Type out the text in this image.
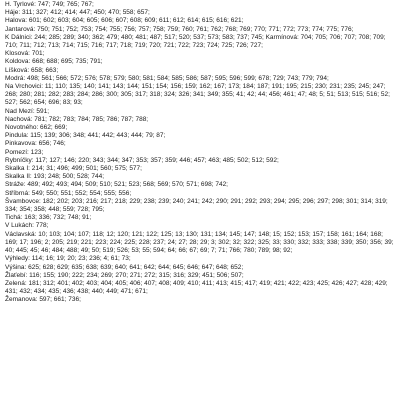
H. Tyrlové: 747; 749; 765; 767;

Háje: 311; 327; 412; 414; 447; 450; 470; 558; 657;

Halova: 601; 602; 603; 604; 605; 606; 607; 608; 609; 611; 612; 614; 615; 616; 621;

Jantarová: 750; 751; 752; 753; 754; 755; 756; 757; 758; 759; 760; 761; 762; 768; 769; 770; 771; 772; 773; 774; 775; 776;

K Dálnici: 244; 285; 289; 340; 362; 479; 480; 481; 487; 517; 520; 537; 573; 583; 737; 745; Karmínová: 704; 705; 706; 707; 708; 709; 710; 711; 712; 713; 714; 715; 716; 717; 718; 719; 720; 721; 722; 723; 724; 725; 726; 727;

Klosová: 701;

Koldova: 668; 688; 695; 735; 791;

Líšková: 658; 663;

Modrá: 498; 561; 566; 572; 576; 578; 579; 580; 581; 584; 585; 586; 587; 595; 596; 599; 678; 729; 743; 779; 794;

Na Vrchovici: 11; 110; 135; 140; 141; 143; 144; 151; 154; 156; 159; 162; 167; 173; 184; 187; 191; 195; 215; 230; 231; 235; 245; 247; 268; 280; 281; 282; 283; 284; 286; 300; 305; 317; 318; 324; 326; 341; 349; 355; 41; 42; 44; 456; 461; 47; 48; 5; 51; 513; 515; 516; 52; 527; 562; 654; 696; 83; 93;

Nad Mezí: 591;

Nachová: 781; 782; 783; 784; 785; 786; 787; 788;

Novotného: 662; 669;

Pindula: 115; 139; 306; 348; 441; 442; 443; 444; 79; 87;

Pinkavova: 656; 746;

Pomezí: 123;

Rybníčky: 117; 127; 146; 220; 343; 344; 347; 353; 357; 359; 446; 457; 463; 485; 502; 512; 592;

Skalka I: 214; 31; 496; 499; 501; 560; 575; 577;

Skalka II: 193; 248; 500; 528; 744;

Stráže: 489; 492; 493; 494; 509; 510; 521; 523; 568; 569; 570; 571; 698; 742;

Stříbrná: 549; 550; 551; 552; 554; 555; 556;

Švambovce: 182; 202; 203; 216; 217; 218; 229; 238; 239; 240; 241; 242; 290; 291; 292; 293; 294; 295; 296; 297; 298; 301; 314; 319; 334; 354; 358; 448; 559; 728; 795;

Tichá: 163; 336; 732; 748; 91;

V Lukách: 778;

Václavská: 10; 103; 104; 107; 118; 12; 120; 121; 122; 125; 13; 130; 131; 134; 145; 147; 148; 15; 152; 153; 157; 158; 161; 164; 168; 169; 17; 196; 2; 205; 219; 221; 223; 224; 225; 228; 237; 24; 27; 28; 29; 3; 302; 32; 322; 325; 33; 330; 332; 333; 338; 339; 350; 356; 39; 40; 445; 45; 46; 484; 488; 49; 50; 519; 526; 53; 55; 594; 64; 66; 67; 69; 7; 71; 766; 780; 789; 98; 92;

Výhledy: 114; 16; 19; 20; 23; 236; 4; 61; 73;

Výšina: 625; 628; 629; 635; 638; 639; 640; 641; 642; 644; 645; 646; 647; 648; 652;

Žlaťebí: 116; 155; 190; 222; 234; 269; 270; 271; 272; 315; 316; 329; 451; 506; 507;

Zelená: 181; 312; 401; 402; 403; 404; 405; 406; 407; 408; 409; 410; 411; 413; 415; 417; 419; 421; 422; 423; 425; 426; 427; 428; 429; 431; 432; 434; 435; 436; 438; 440; 449; 471; 671;

Žemanova: 597; 661; 736;
